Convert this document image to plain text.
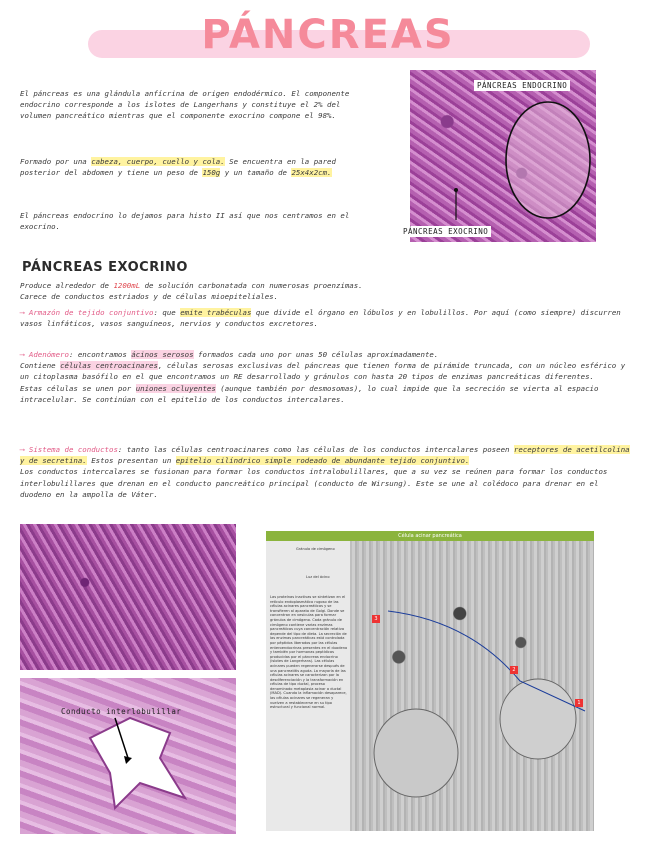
PÁNCREAS
El páncreas es una glándula anfícrina de origen endodérmico. El componente endocrino corresponde a los islotes de Langerhans y constituye el 2% del volumen pancreático mientras que el componente exocrino compone el 98%.
Formado por una cabeza, cuerpo, cuello y cola. Se encuentra en la pared posterior del abdomen y tiene un peso de 150g y un tamaño de 25x4x2cm.
El páncreas endocrino lo dejamos para histo II así que nos centramos en el exocrino.
PÁNCREAS ENDOCRINO
PÁNCREAS EXOCRINO
PÁNCREAS EXOCRINO
Produce alrededor de 1200mL de solución carbonatada con numerosas proenzimas.
Carece de conductos estriados y de células mioepiteliales.
⟶ Armazón de tejido conjuntivo: que emite trabéculas que divide el órgano en lóbulos y en lobulillos. Por aquí (como siempre) discurren vasos linfáticos, vasos sanguíneos, nervios y conductos excretores.
⟶ Adenómero: encontramos ácinos serosos formados cada uno por unas 50 células aproximadamente.
Contiene células centroacinares, células serosas exclusivas del páncreas que tienen forma de pirámide truncada, con un núcleo esférico y un citoplasma basófilo en el que encontramos un RE desarrollado y gránulos con hasta 20 tipos de enzimas pancreáticas diferentes.
Estas células se unen por uniones ocluyentes (aunque también por desmosomas), lo cual impide que la secreción se vierta al espacio intracelular. Se continúan con el epitelio de los conductos intercalares.
⟶ Sistema de conductos: tanto las células centroacinares como las células de los conductos intercalares poseen receptores de acetilcolina y de secretina. Estos presentan un epitelio cilíndrico simple rodeado de abundante tejido conjuntivo.
Los conductos intercalares se fusionan para formar los conductos intralobulillares, que a su vez se reúnen para formar los conductos interlobulillares que drenan en el conducto pancreático principal (conducto de Wirsung). Este se une al colédoco para drenar en el duodeno en la ampolla de Váter.
Conducto interlobulillar
Célula acinar pancreática
3
2
1
Gránulo de cimógeno
Luz del ácino
Las proteínas inactivas se sintetizan en el retículo endoplasmático rugoso de las células acinares pancreáticas y se transfieren al aparato de Golgi. Donde se concentran en vesículas para formar gránulos de cimógeno. Cada gránulo de cimógeno contiene varias enzimas pancreáticas cuya concentración relativa depende del tipo de dieta. La secreción de las enzimas pancreáticas está controlada por péptidos liberados por las células enteroendocrinas presentes en el duodeno y también por hormonas peptídicas producidas por el páncreas endocrino (islotes de Langerhans). Las células acinares pueden regenerarse después de una pancreatitis aguda. La mayoría de las células acinares se caracterizan por la desdiferenciación y la transformación en células de tipo ductal, proceso denominado metaplasia acinar a ductal (MAD). Cuando la inflamación desaparece, las células acinares se regeneran y vuelven a restablecerse en su tipo estructural y funcional normal.
